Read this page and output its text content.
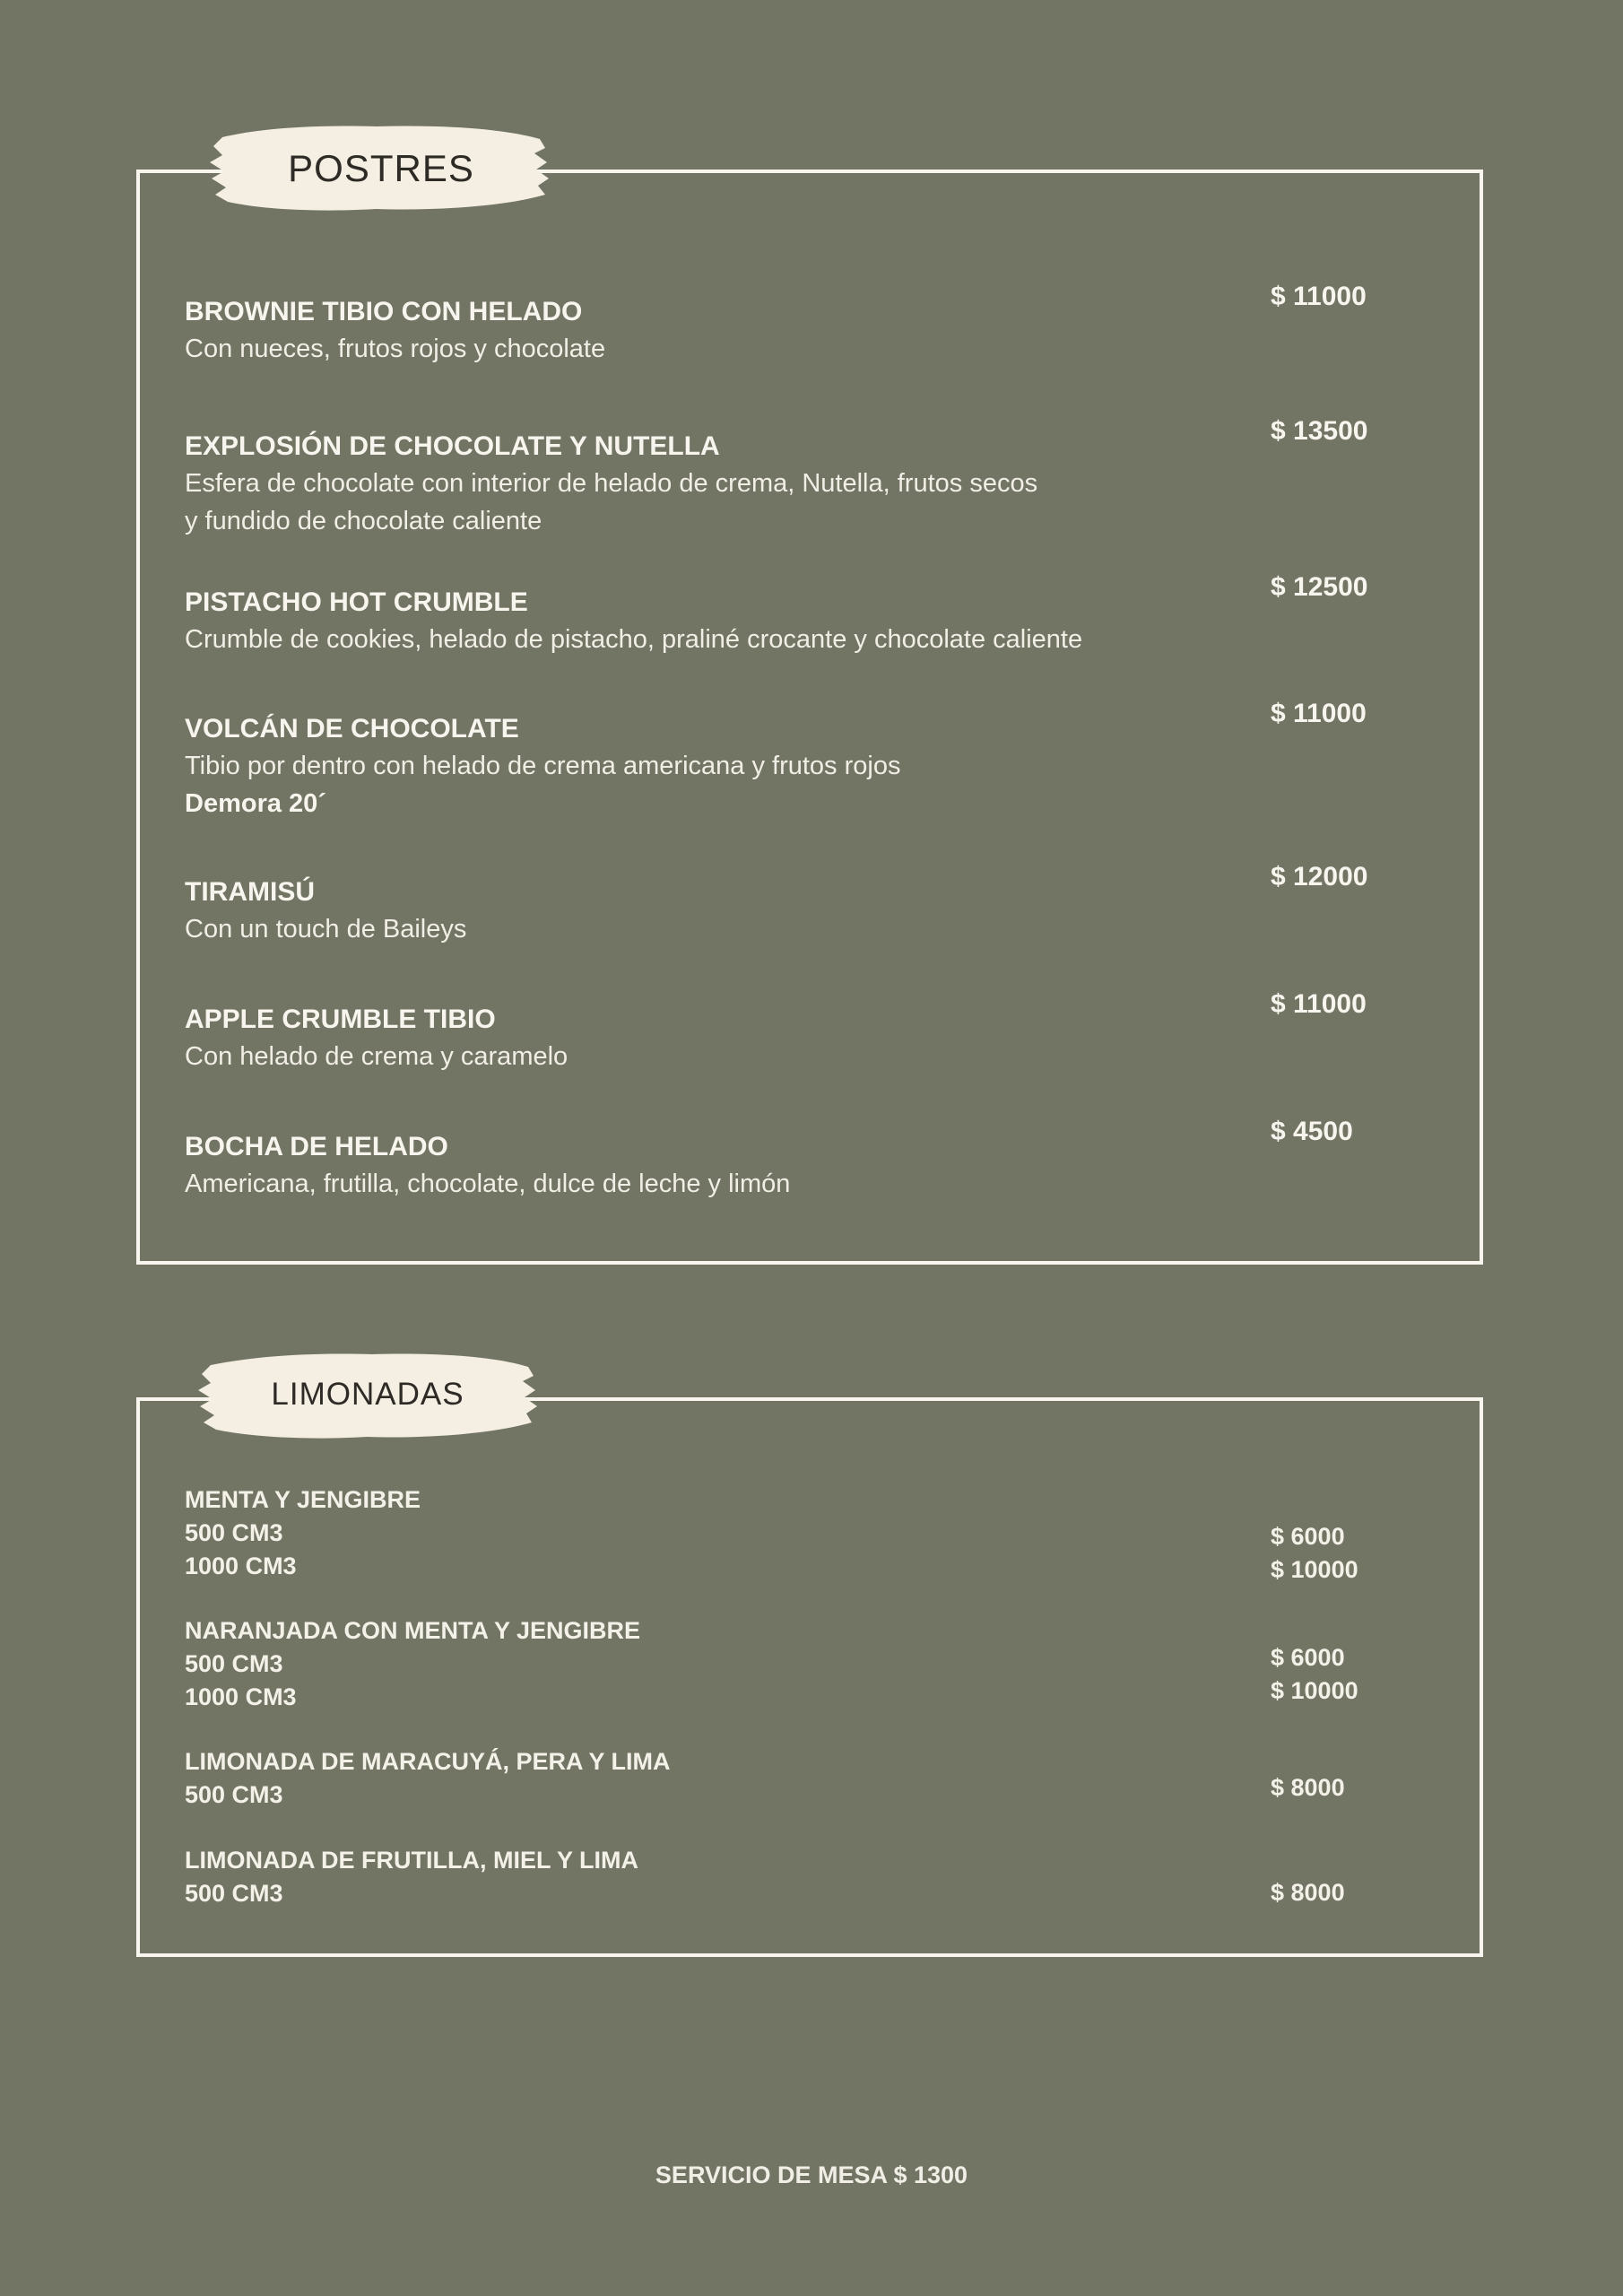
POSTRES
BROWNIE TIBIO CON HELADO
Con nueces, frutos rojos y chocolate
$ 11000
EXPLOSIÓN DE CHOCOLATE Y NUTELLA
Esfera de chocolate con interior de helado de crema, Nutella, frutos secos
y fundido de chocolate caliente
$ 13500
PISTACHO HOT CRUMBLE
Crumble de cookies, helado de pistacho, praliné crocante y chocolate caliente
$ 12500
VOLCÁN DE CHOCOLATE
Tibio por dentro con helado de crema americana y frutos rojos
Demora 20´
$ 11000
TIRAMISÚ
Con un touch de Baileys
$ 12000
APPLE CRUMBLE TIBIO
Con helado de crema y caramelo
$ 11000
BOCHA DE HELADO
Americana, frutilla, chocolate, dulce de leche y limón
$ 4500
LIMONADAS
MENTA Y JENGIBRE
500 CM3
1000 CM3
$ 6000
$ 10000
NARANJADA CON MENTA Y JENGIBRE
500 CM3
1000 CM3
$ 6000
$ 10000
LIMONADA DE MARACUYÁ, PERA Y LIMA
500 CM3	$ 8000
LIMONADA DE FRUTILLA, MIEL Y LIMA
500 CM3	$ 8000
SERVICIO DE MESA $ 1300
